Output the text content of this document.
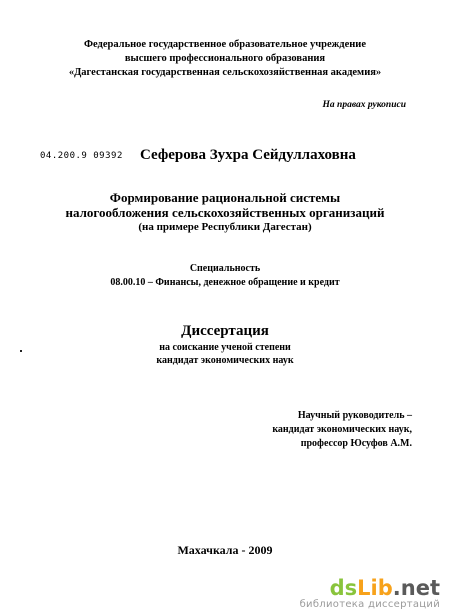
Федеральное государственное образовательное учреждение
высшего профессионального образования
«Дагестанская государственная сельскохозяйственная академия»
На правах рукописи
04.200.9 09392 Сеферова Зухра Сейдуллаховна
Формирование рациональной системы
налогообложения сельскохозяйственных организаций
(на примере Республики Дагестан)
Специальность
08.00.10 – Финансы, денежное обращение и кредит
Диссертация
на соискание ученой степени
кандидат экономических наук
Научный руководитель –
кандидат экономических наук,
профессор Юсуфов А.М.
Махачкала - 2009
dsLib.net
библиотека диссертаций
